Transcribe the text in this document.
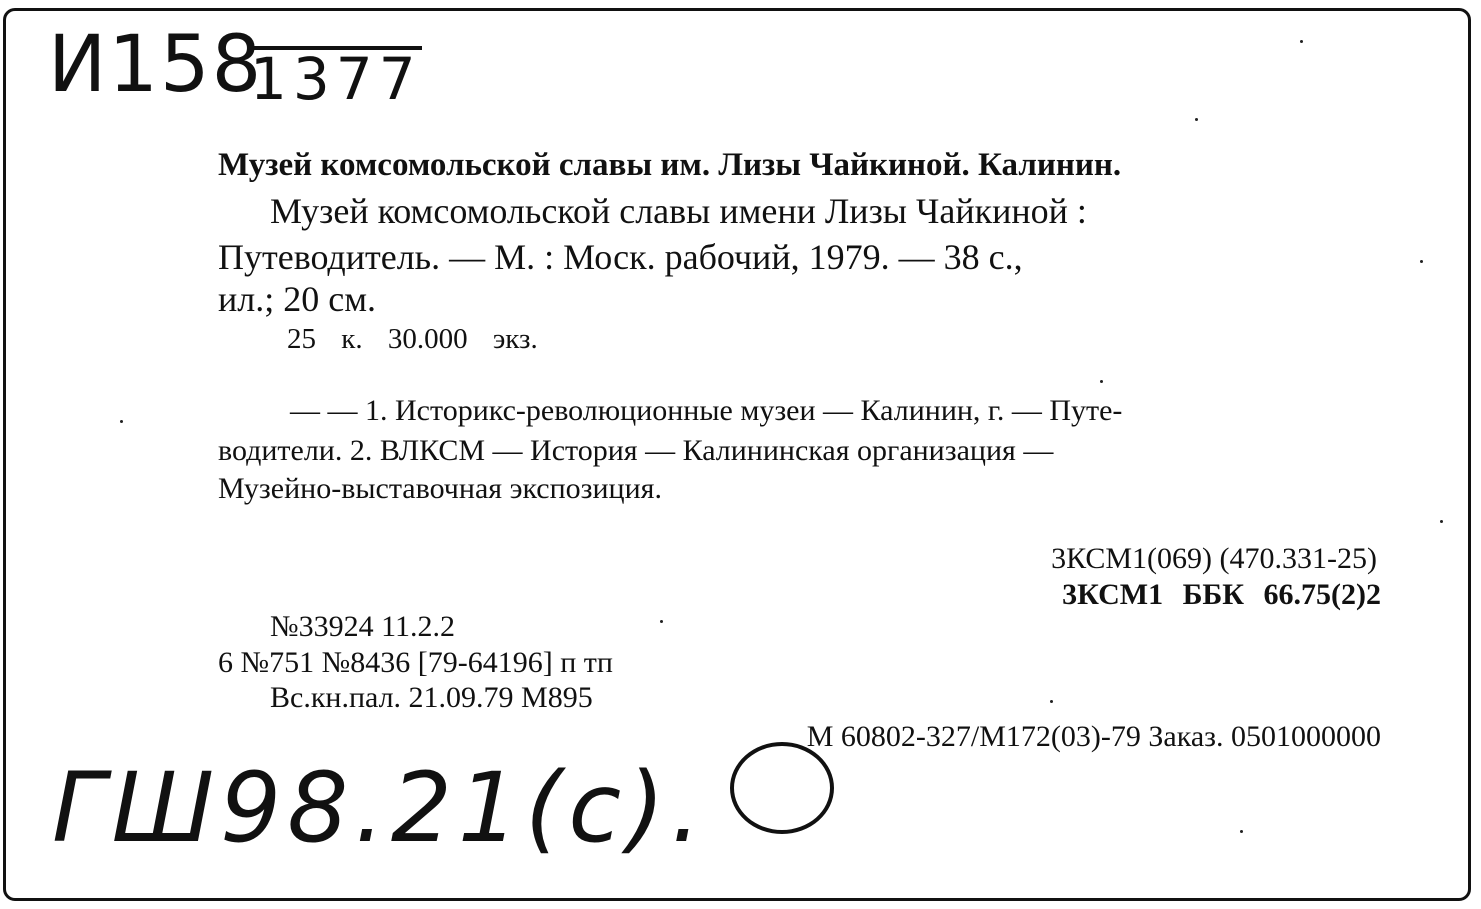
И158
1377
Музей комсомольской славы им. Лизы Чайкиной. Калинин.
Музей комсомольской славы имени Лизы Чайкиной :
Путеводитель. — М. : Моск. рабочий, 1979. — 38 с.,
ил.; 20 см.
25 к. 30.000 экз.
— — 1. Историкс-революционные музеи — Калинин, г. — Путе-
водители. 2. ВЛКСМ — История — Калининская организация —
Музейно-выставочная экспозиция.
3КСМ1(069) (470.331-25)
3КСМ1 ББК 66.75(2)2
№33924 11.2.2
6 №751 №8436 [79-64196] п тп
Вс.кн.пал. 21.09.79 М895
М 60802-327/М172(03)-79 Заказ. 0501000000
ГШ98.21(с).
